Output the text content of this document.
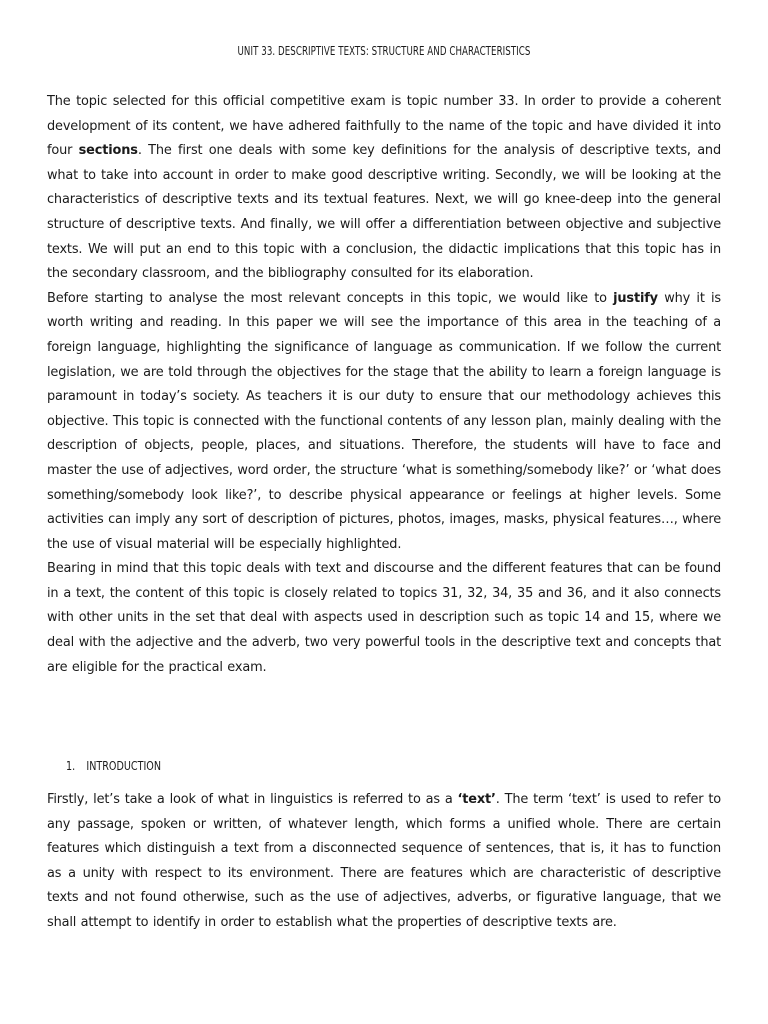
UNIT 33. DESCRIPTIVE TEXTS: STRUCTURE AND CHARACTERISTICS

The topic selected for this official competitive exam is topic number 33. In order to provide a coherent development of its content, we have adhered faithfully to the name of the topic and have divided it into four sections. The first one deals with some key definitions for the analysis of descriptive texts, and what to take into account in order to make good descriptive writing. Secondly, we will be looking at the characteristics of descriptive texts and its textual features. Next, we will go knee-deep into the general structure of descriptive texts. And finally, we will offer a differentiation between objective and subjective texts. We will put an end to this topic with a conclusion, the didactic implications that this topic has in the secondary classroom, and the bibliography consulted for its elaboration.

Before starting to analyse the most relevant concepts in this topic, we would like to justify why it is worth writing and reading. In this paper we will see the importance of this area in the teaching of a foreign language, highlighting the significance of language as communication. If we follow the current legislation, we are told through the objectives for the stage that the ability to learn a foreign language is paramount in today’s society. As teachers it is our duty to ensure that our methodology achieves this objective. This topic is connected with the functional contents of any lesson plan, mainly dealing with the description of objects, people, places, and situations. Therefore, the students will have to face and master the use of adjectives, word order, the structure ‘what is something/somebody like?’ or ‘what does something/somebody look like?’, to describe physical appearance or feelings at higher levels. Some activities can imply any sort of description of pictures, photos, images, masks, physical features…, where the use of visual material will be especially highlighted.

Bearing in mind that this topic deals with text and discourse and the different features that can be found in a text, the content of this topic is closely related to topics 31, 32, 34, 35 and 36, and it also connects with other units in the set that deal with aspects used in description such as topic 14 and 15, where we deal with the adjective and the adverb, two very powerful tools in the descriptive text and concepts that are eligible for the practical exam.

1. INTRODUCTION

Firstly, let’s take a look of what in linguistics is referred to as a ‘text’. The term ‘text’ is used to refer to any passage, spoken or written, of whatever length, which forms a unified whole. There are certain features which distinguish a text from a disconnected sequence of sentences, that is, it has to function as a unity with respect to its environment. There are features which are characteristic of descriptive texts and not found otherwise, such as the use of adjectives, adverbs, or figurative language, that we shall attempt to identify in order to establish what the properties of descriptive texts are.
